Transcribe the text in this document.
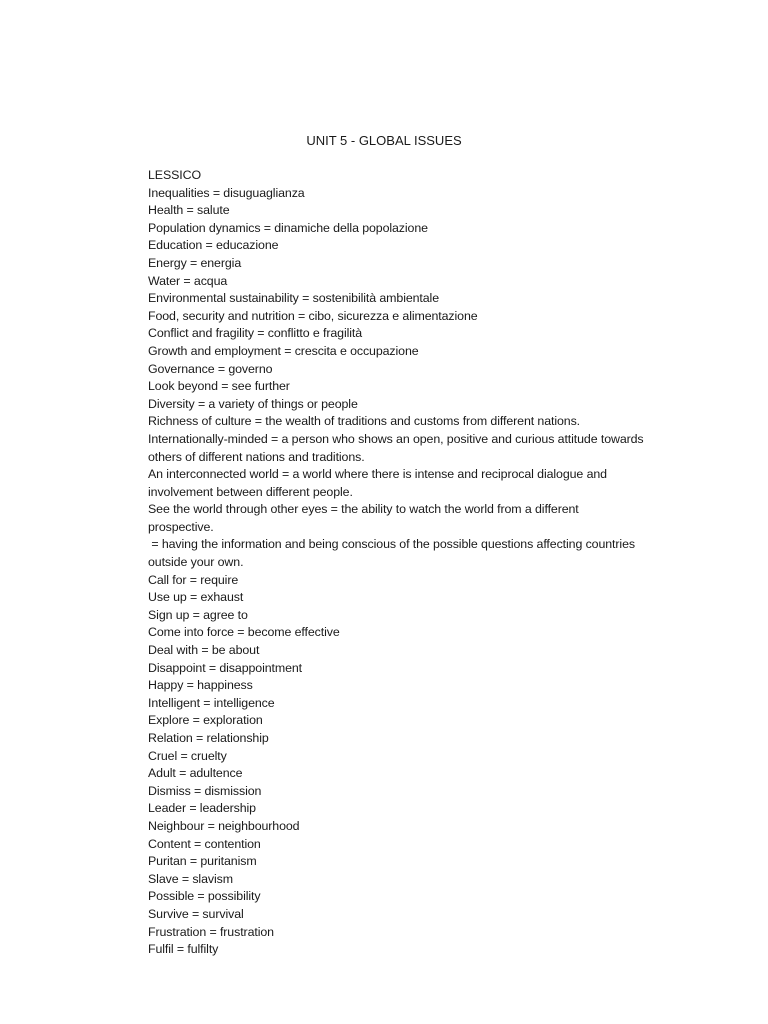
UNIT 5 - GLOBAL ISSUES
LESSICO
Inequalities = disuguaglianza
Health = salute
Population dynamics = dinamiche della popolazione
Education = educazione
Energy = energia
Water = acqua
Environmental sustainability = sostenibilità ambientale
Food, security and nutrition = cibo, sicurezza e alimentazione
Conflict and fragility = conflitto e fragilità
Growth and employment = crescita e occupazione
Governance = governo
Look beyond = see further
Diversity = a variety of things or people
Richness of culture = the wealth of traditions and customs from different nations.
Internationally-minded = a person who shows an open, positive and curious attitude towards
others of different nations and traditions.
An interconnected world = a world where there is intense and reciprocal dialogue and
involvement between different people.
See the world through other eyes = the ability to watch the world from a different
prospective.
= having the information and being conscious of the possible questions affecting countries
outside your own.
Call for = require
Use up = exhaust
Sign up = agree to
Come into force = become effective
Deal with = be about
Disappoint = disappointment
Happy = happiness
Intelligent = intelligence
Explore = exploration
Relation = relationship
Cruel = cruelty
Adult = adultence
Dismiss = dismission
Leader = leadership
Neighbour = neighbourhood
Content = contention
Puritan = puritanism
Slave = slavism
Possible = possibility
Survive = survival
Frustration = frustration
Fulfil = fulfilty
